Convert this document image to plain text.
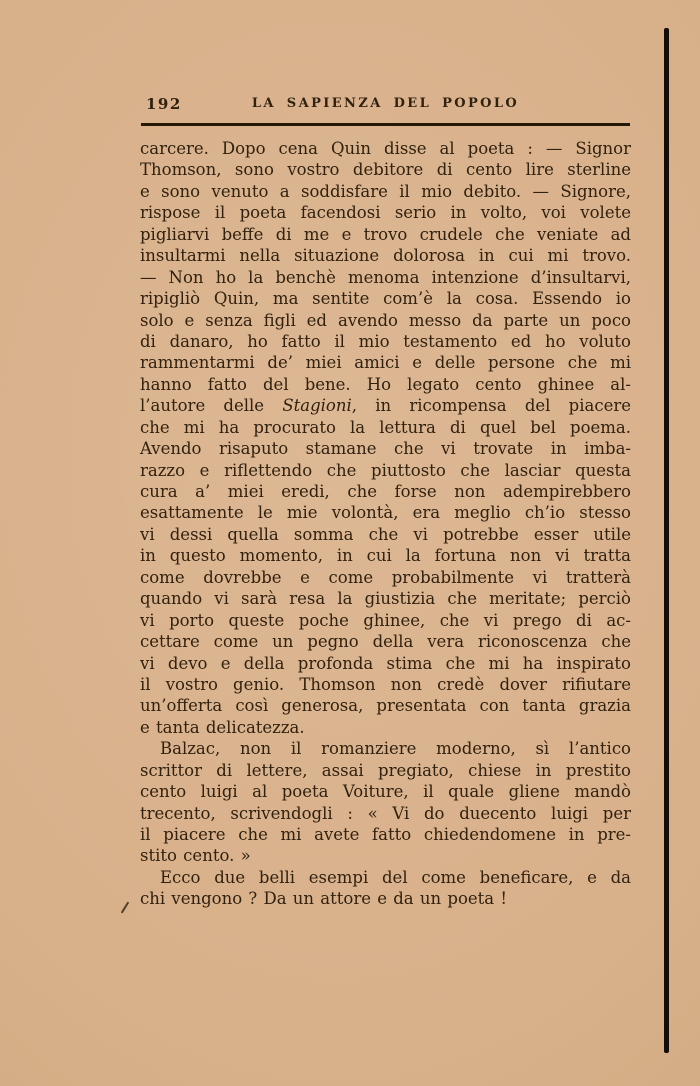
192	LA SAPIENZA DEL POPOLO
carcere. Dopo cena Quin disse al poeta : — Signor
Thomson, sono vostro debitore di cento lire sterline
e sono venuto a soddisfare il mio debito. — Signore,
rispose il poeta facendosi serio in volto, voi volete
pigliarvi beffe di me e trovo crudele che veniate ad
insultarmi nella situazione dolorosa in cui mi trovo.
— Non ho la benchè menoma intenzione d’insultarvi,
ripigliò Quin, ma sentite com’è la cosa. Essendo io
solo e senza figli ed avendo messo da parte un poco
di danaro, ho fatto il mio testamento ed ho voluto
rammentarmi de’ miei amici e delle persone che mi
hanno fatto del bene. Ho legato cento ghinee al-
l’autore delle Stagioni, in ricompensa del piacere
che mi ha procurato la lettura di quel bel poema.
Avendo risaputo stamane che vi trovate in imba-
razzo e riflettendo che piuttosto che lasciar questa
cura a’ miei eredi, che forse non adempirebbero
esattamente le mie volontà, era meglio ch’io stesso
vi dessi quella somma che vi potrebbe esser utile
in questo momento, in cui la fortuna non vi tratta
come dovrebbe e come probabilmente vi tratterà
quando vi sarà resa la giustizia che meritate; perciò
vi porto queste poche ghinee, che vi prego di ac-
cettare come un pegno della vera riconoscenza che
vi devo e della profonda stima che mi ha inspirato
il vostro genio. Thomson non credè dover rifiutare
un’offerta così generosa, presentata con tanta grazia
e tanta delicatezza.
Balzac, non il romanziere moderno, sì l’antico
scrittor di lettere, assai pregiato, chiese in prestito
cento luigi al poeta Voiture, il quale gliene mandò
trecento, scrivendogli : « Vi do duecento luigi per
il piacere che mi avete fatto chiedendomene in pre-
stito cento. »
Ecco due belli esempi del come beneficare, e da
chi vengono ? Da un attore e da un poeta !
